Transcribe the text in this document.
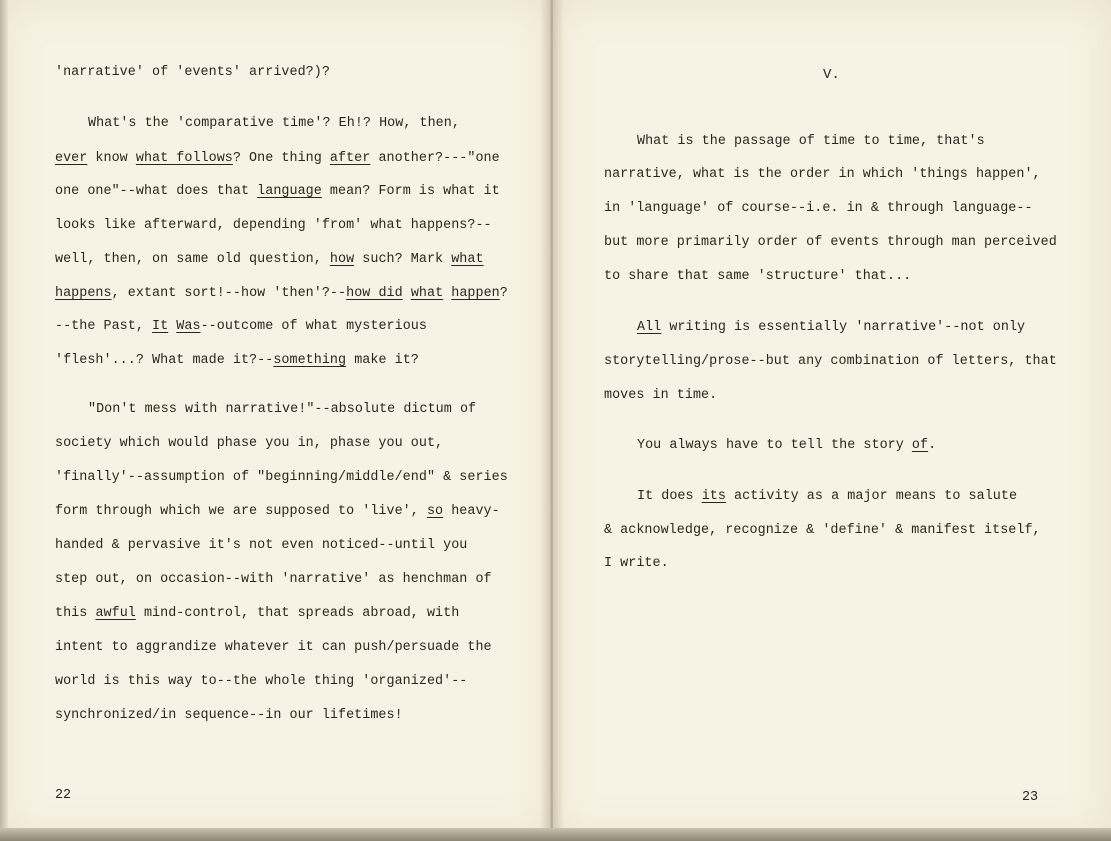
'narrative' of 'events' arrived?)?
What's the 'comparative time'? Eh!? How, then,
ever know what follows? One thing after another?---"one
one one"--what does that language mean? Form is what it
looks like afterward, depending 'from' what happens?--
well, then, on same old question, how such? Mark what
happens, extant sort!--how 'then'?--how did what happen?
--the Past, It Was--outcome of what mysterious
'flesh'...? What made it?--something make it?
"Don't mess with narrative!"--absolute dictum of
society which would phase you in, phase you out,
'finally'--assumption of "beginning/middle/end" & series
form through which we are supposed to 'live', so heavy-
handed & pervasive it's not even noticed--until you
step out, on occasion--with 'narrative' as henchman of
this awful mind-control, that spreads abroad, with
intent to aggrandize whatever it can push/persuade the
world is this way to--the whole thing 'organized'--
synchronized/in sequence--in our lifetimes!
22
V.
What is the passage of time to time, that's
narrative, what is the order in which 'things happen',
in 'language' of course--i.e. in & through language--
but more primarily order of events through man perceived
to share that same 'structure' that...
All writing is essentially 'narrative'--not only
storytelling/prose--but any combination of letters, that
moves in time.
You always have to tell the story of.
It does its activity as a major means to salute
& acknowledge, recognize & 'define' & manifest itself,
I write.
23
